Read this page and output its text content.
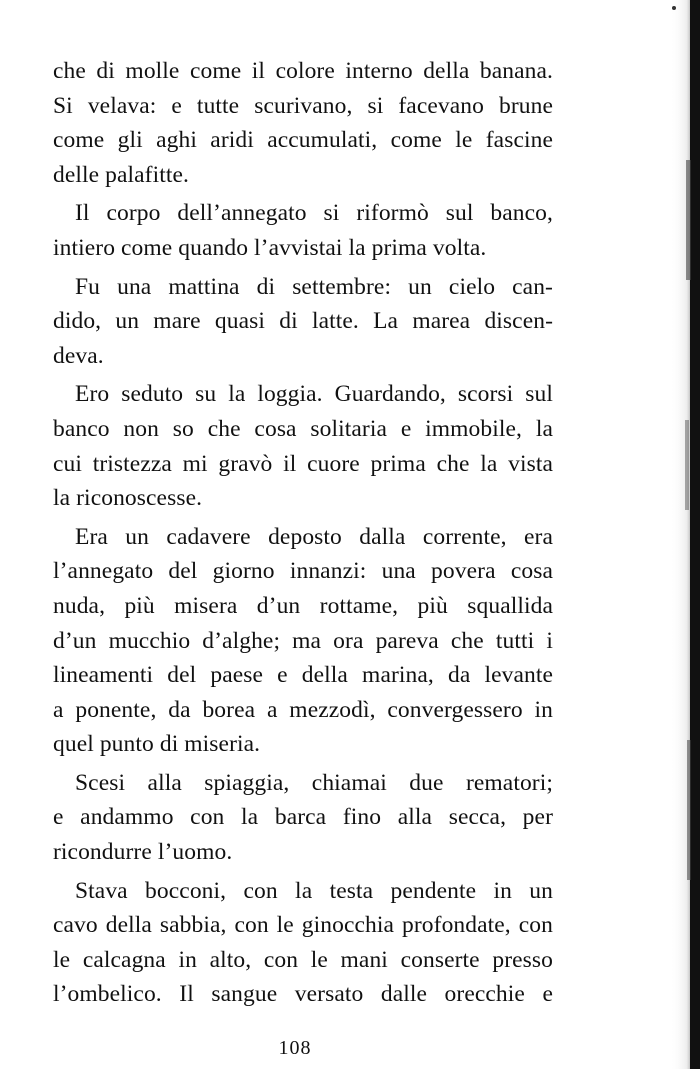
che di molle come il colore interno della banana.
Si velava: e tutte scurivano, si facevano brune
come gli aghi aridi accumulati, come le fascine
delle palafitte.
Il corpo dell’annegato si riformò sul banco,
intiero come quando l’avvistai la prima volta.
Fu una mattina di settembre: un cielo can‐
dido, un mare quasi di latte. La marea discen‐
deva.
Ero seduto su la loggia. Guardando, scorsi sul
banco non so che cosa solitaria e immobile, la
cui tristezza mi gravò il cuore prima che la vista
la riconoscesse.
Era un cadavere deposto dalla corrente, era
l’annegato del giorno innanzi: una povera cosa
nuda, più misera d’un rottame, più squallida
d’un mucchio d’alghe; ma ora pareva che tutti i
lineamenti del paese e della marina, da levante
a ponente, da borea a mezzodì, convergessero in
quel punto di miseria.
Scesi alla spiaggia, chiamai due rematori;
e andammo con la barca fino alla secca, per
ricondurre l’uomo.
Stava bocconi, con la testa pendente in un
cavo della sabbia, con le ginocchia profondate, con
le calcagna in alto, con le mani conserte presso
l’ombelico. Il sangue versato dalle orecchie e
108
